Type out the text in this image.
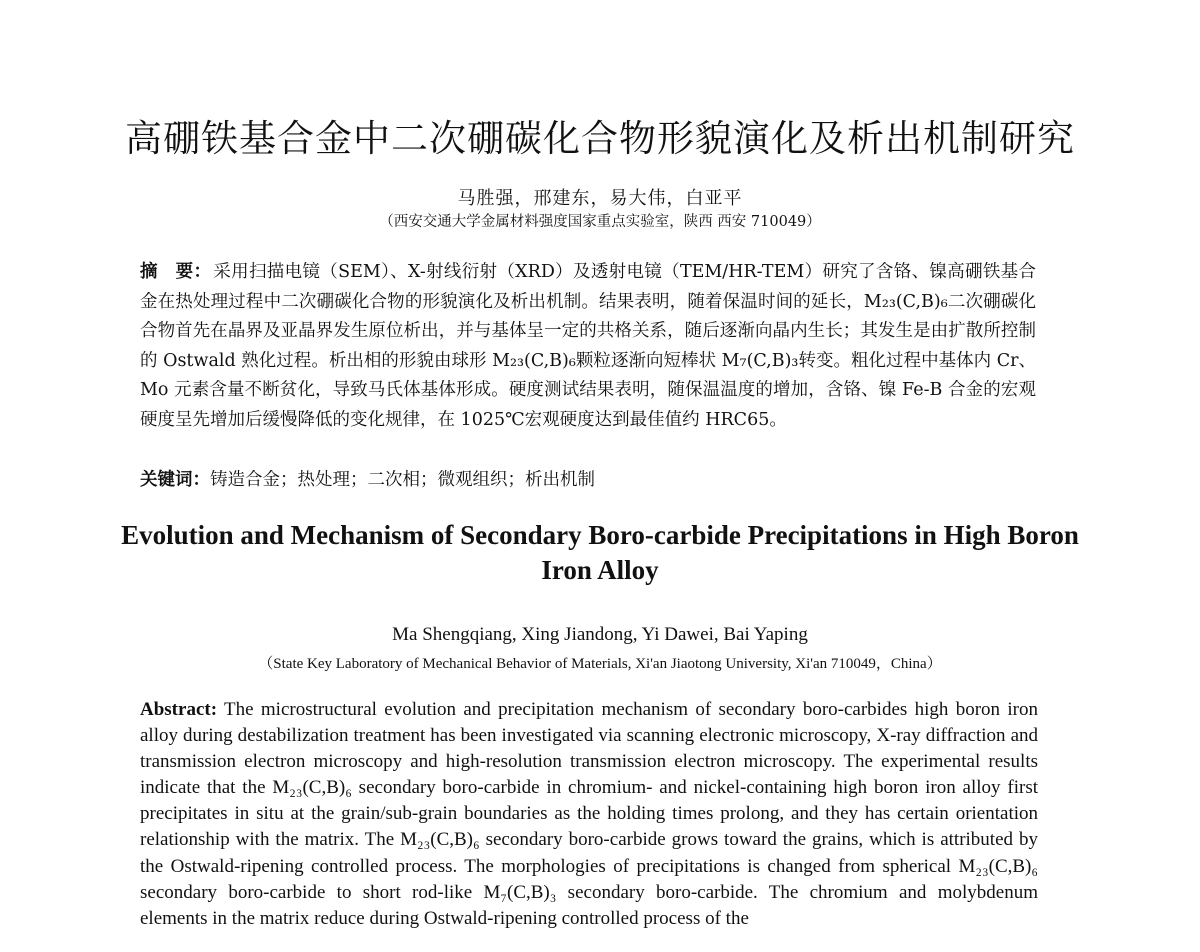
高硼铁基合金中二次硼碳化合物形貌演化及析出机制研究
马胜强，邢建东，易大伟，白亚平
（西安交通大学金属材料强度国家重点实验室，陕西 西安 710049）
摘　要： 采用扫描电镜（SEM）、X-射线衍射（XRD）及透射电镜（TEM/HR-TEM）研究了含铬、镍高硼铁基合金在热处理过程中二次硼碳化合物的形貌演化及析出机制。结果表明，随着保温时间的延长，M₂₃(C,B)₆二次硼碳化合物首先在晶界及亚晶界发生原位析出，并与基体呈一定的共格关系，随后逐渐向晶内生长；其发生是由扩散所控制的 Ostwald 熟化过程。析出相的形貌由球形 M₂₃(C,B)₆颗粒逐渐向短棒状 M₇(C,B)₃转变。粗化过程中基体内 Cr、Mo 元素含量不断贫化，导致马氏体基体形成。硬度测试结果表明，随保温温度的增加，含铬、镍 Fe-B 合金的宏观硬度呈先增加后缓慢降低的变化规律，在 1025℃宏观硬度达到最佳值约 HRC65。
关键词：铸造合金；热处理；二次相；微观组织；析出机制
Evolution and Mechanism of Secondary Boro-carbide Precipitations in High Boron Iron Alloy
Ma Shengqiang, Xing Jiandong, Yi Dawei, Bai Yaping
（State Key Laboratory of Mechanical Behavior of Materials, Xi'an Jiaotong University, Xi'an 710049，China）
Abstract: The microstructural evolution and precipitation mechanism of secondary boro-carbides high boron iron alloy during destabilization treatment has been investigated via scanning electronic microscopy, X-ray diffraction and transmission electron microscopy and high-resolution transmission electron microscopy. The experimental results indicate that the M₂₃(C,B)₆ secondary boro-carbide in chromium- and nickel-containing high boron iron alloy first precipitates in situ at the grain/sub-grain boundaries as the holding times prolong, and they has certain orientation relationship with the matrix. The M₂₃(C,B)₆ secondary boro-carbide grows toward the grains, which is attributed by the Ostwald-ripening controlled process. The morphologies of precipitations is changed from spherical M₂₃(C,B)₆ secondary boro-carbide to short rod-like M₇(C,B)₃ secondary boro-carbide. The chromium and molybdenum elements in the matrix reduce during Ostwald-ripening controlled process of the
